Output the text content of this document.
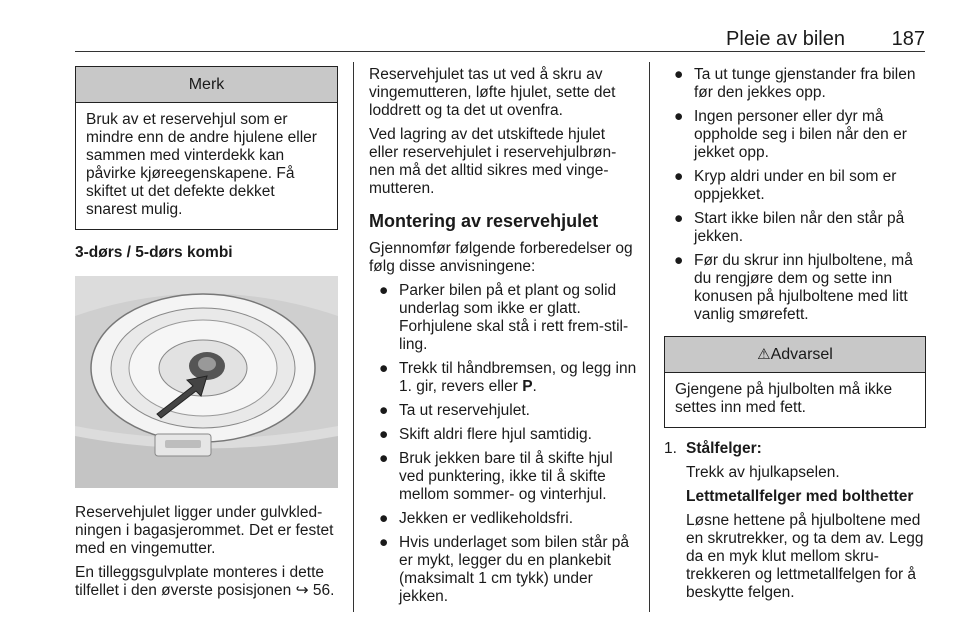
Pleie av bilen 187
Merk
Bruk av et reservehjul som er mindre enn de andre hjulene eller sammen med vinterdekk kan påvirke kjøreegenskapene. Få skiftet ut det defekte dekket snarest mulig.

3-dørs / 5-dørs kombi

Reservehjulet ligger under gulvkled-ningen i bagasjerommet. Det er festet med en vingemutter.

En tilleggsgulvplate monteres i dette tilfellet i den øverste posisjonen ↪ 56.

Reservehjulet tas ut ved å skru av vingemutteren, løfte hjulet, sette det loddrett og ta det ut ovenfra.

Ved lagring av det utskiftede hjulet eller reservehjulet i reservehjulbrøn-nen må det alltid sikres med vinge-mutteren.

Montering av reservehjulet

Gjennomfør følgende forberedelser og følg disse anvisningene:

● Parker bilen på et plant og solid underlag som ikke er glatt. Forhjulene skal stå i rett frem-stil-ling.
● Trekk til håndbremsen, og legg inn 1. gir, revers eller P.
● Ta ut reservehjulet.
● Skift aldri flere hjul samtidig.
● Bruk jekken bare til å skifte hjul ved punktering, ikke til å skifte mellom sommer- og vinterhjul.
● Jekken er vedlikeholdsfri.
● Hvis underlaget som bilen står på er mykt, legger du en plankebit (maksimalt 1 cm tykk) under jekken.
● Ta ut tunge gjenstander fra bilen før den jekkes opp.
● Ingen personer eller dyr må oppholde seg i bilen når den er jekket opp.
● Kryp aldri under en bil som er oppjekket.
● Start ikke bilen når den står på jekken.
● Før du skrur inn hjulboltene, må du rengjøre dem og sette inn konusen på hjulboltene med litt vanlig smørefett.
⚠Advarsel
Gjengene på hjulbolten må ikke settes inn med fett.
1. Stålfelger:

Trekk av hjulkapselen.

Lettmetallfelger med bolthetter

Løsne hettene på hjulboltene med en skrutrekker, og ta dem av. Legg da en myk klut mellom skru-trekkeren og lettmetallfelgen for å beskytte felgen.
